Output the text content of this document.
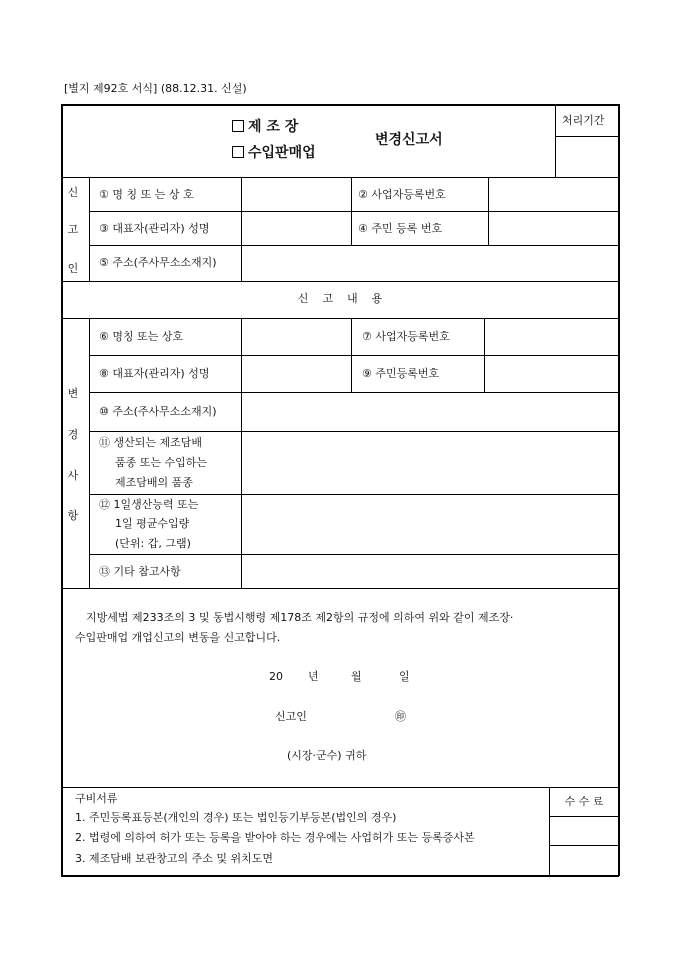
[별지 제92호 서식] (88.12.31. 신설)
제 조 장
수입판매업
변경신고서
처리기간
신
고
인
① 명 칭 또 는 상 호	② 사업자등록번호
③ 대표자(관리자) 성명	④ 주민 등록 번호
⑤ 주소(주사무소소재지)
신    고    내    용
변
경
사
항
⑥ 명칭 또는 상호	⑦ 사업자등록번호
⑧ 대표자(관리자) 성명	⑨ 주민등록번호
⑩ 주소(주사무소소재지)
⑪ 생산되는 제조담배
품종 또는 수입하는
제조담배의 품종
⑫ 1일생산능력 또는
1일 평균수입량
(단위: 갑, 그램)
⑬ 기타 참고사항
지방세법 제233조의 3 및 동법시행령 제178조 제2항의 규정에 의하여 위와 같이 제조장·
수입판매업 개업신고의 변동을 신고합니다.
20 년	월	일
신고인	㊞
(시장·군수) 귀하
구비서류
1. 주민등록표등본(개인의 경우) 또는 법인등기부등본(법인의 경우)
2. 법령에 의하여 허가 또는 등록을 받아야 하는 경우에는 사업허가 또는 등록증사본
3. 제조담배 보관창고의 주소 및 위치도면
수 수 료
